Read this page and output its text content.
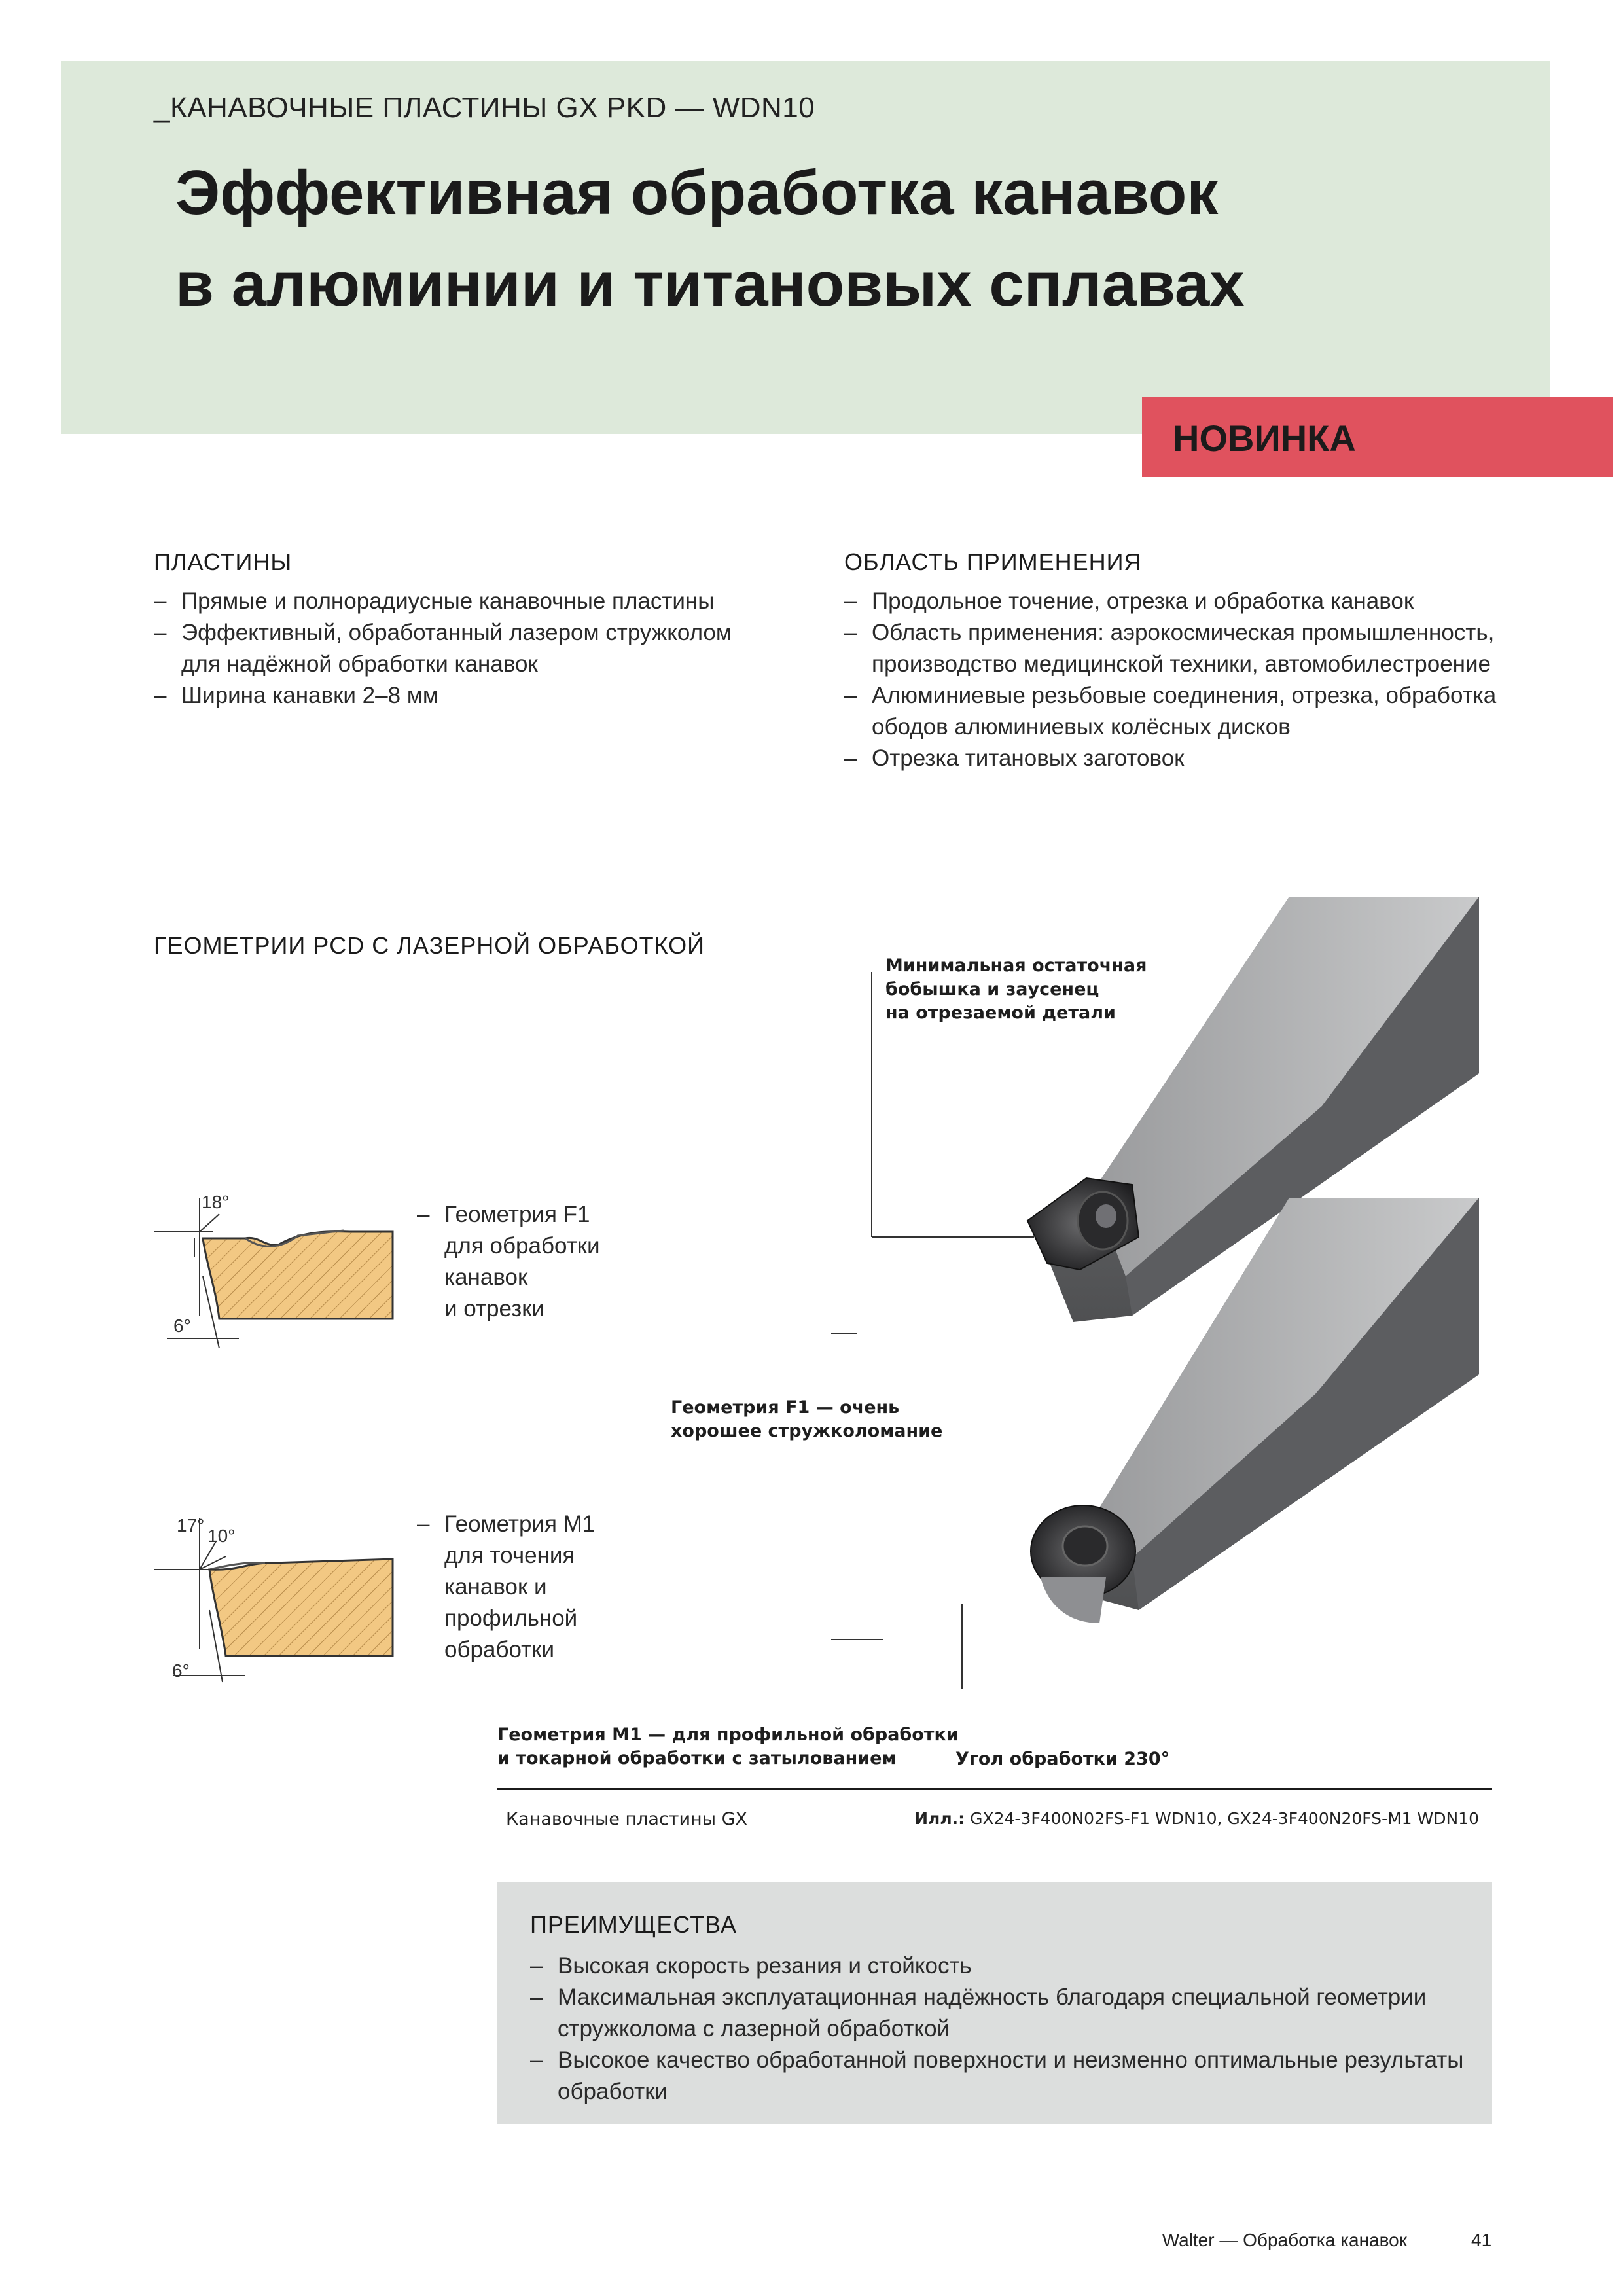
_КАНАВОЧНЫЕ ПЛАСТИНЫ GX PKD — WDN10
Эффективная обработка канавок
в алюминии и титановых сплавах
НОВИНКА
ПЛАСТИНЫ
– Прямые и полнорадиусные канавочные пластины
– Эффективный, обработанный лазером стружколом для надёжной обработки канавок
– Ширина канавки 2–8 мм
ОБЛАСТЬ ПРИМЕНЕНИЯ
– Продольное точение, отрезка и обработка канавок
– Область применения: аэрокосмическая промышленность, производство медицинской техники, автомобилестроение
– Алюминиевые резьбовые соединения, отрезка, обработка ободов алюминиевых колёсных дисков
– Отрезка титановых заготовок
ГЕОМЕТРИИ PCD С ЛАЗЕРНОЙ ОБРАБОТКОЙ
18°
6°
– Геометрия F1
для обработки
канавок
и отрезки
17°
10°
6°
– Геометрия M1
для точения
канавок и
профильной
обработки
Минимальная остаточная
бобышка и заусенец
на отрезаемой детали
Геометрия F1 — очень
хорошее стружколомание
Геометрия M1 — для профильной обработки
и токарной обработки с затылованием	Угол обработки 230°
Канавочные пластины GX	Илл.: GX24-3F400N02FS-F1 WDN10, GX24-3F400N20FS-M1 WDN10
ПРЕИМУЩЕСТВА
– Высокая скорость резания и стойкость
– Максимальная эксплуатационная надёжность благодаря специальной геометрии стружколома с лазерной обработкой
– Высокое качество обработанной поверхности и неизменно оптимальные результаты обработки
Walter — Обработка канавок	41
